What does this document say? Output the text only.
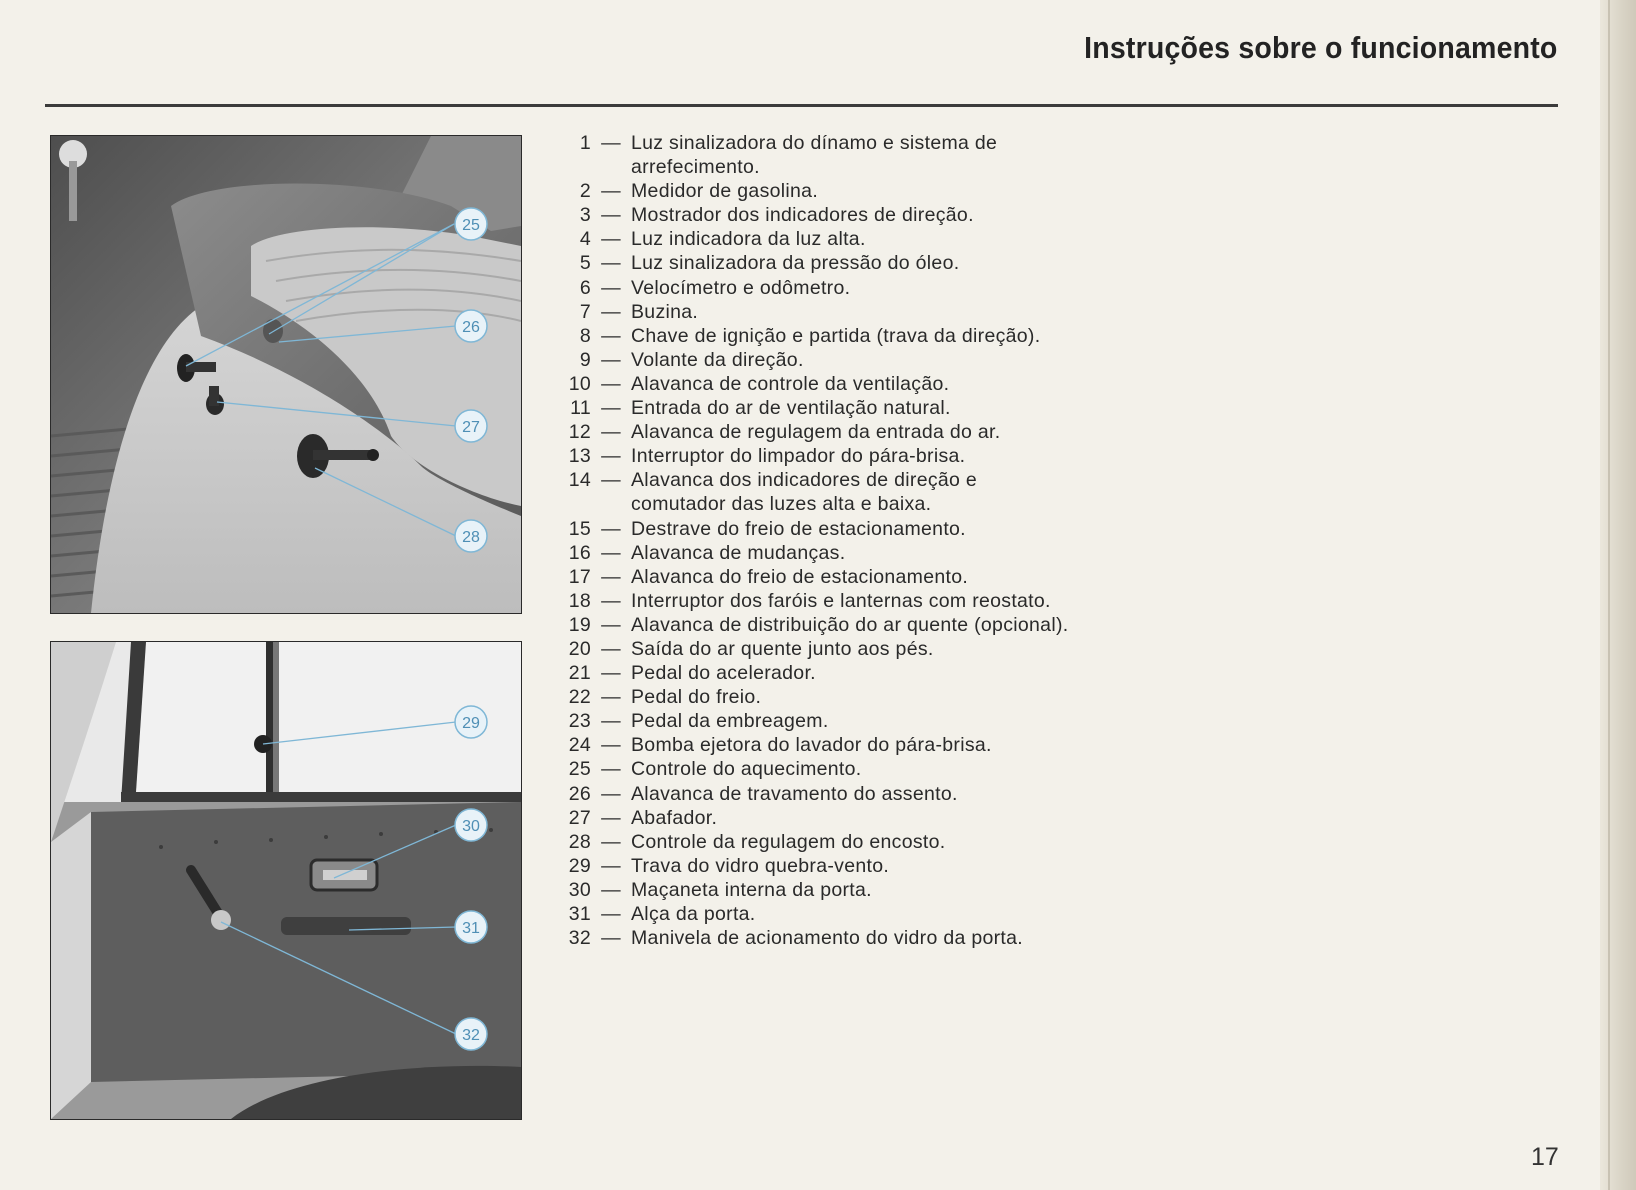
Instruções sobre o funcionamento
25
26
27
28
29
30
31
32
1 — Luz sinalizadora do dínamo e sistema de arrefecimento.
2 — Medidor de gasolina.
3 — Mostrador dos indicadores de direção.
4 — Luz indicadora da luz alta.
5 — Luz sinalizadora da pressão do óleo.
6 — Velocímetro e odômetro.
7 — Buzina.
8 — Chave de ignição e partida (trava da direção).
9 — Volante da direção.
10 — Alavanca de controle da ventilação.
11 — Entrada do ar de ventilação natural.
12 — Alavanca de regulagem da entrada do ar.
13 — Interruptor do limpador do pára-brisa.
14 — Alavanca dos indicadores de direção e comutador das luzes alta e baixa.
15 — Destrave do freio de estacionamento.
16 — Alavanca de mudanças.
17 — Alavanca do freio de estacionamento.
18 — Interruptor dos faróis e lanternas com reostato.
19 — Alavanca de distribuição do ar quente (opcional).
20 — Saída do ar quente junto aos pés.
21 — Pedal do acelerador.
22 — Pedal do freio.
23 — Pedal da embreagem.
24 — Bomba ejetora do lavador do pára-brisa.
25 — Controle do aquecimento.
26 — Alavanca de travamento do assento.
27 — Abafador.
28 — Controle da regulagem do encosto.
29 — Trava do vidro quebra-vento.
30 — Maçaneta interna da porta.
31 — Alça da porta.
32 — Manivela de acionamento do vidro da porta.
17
